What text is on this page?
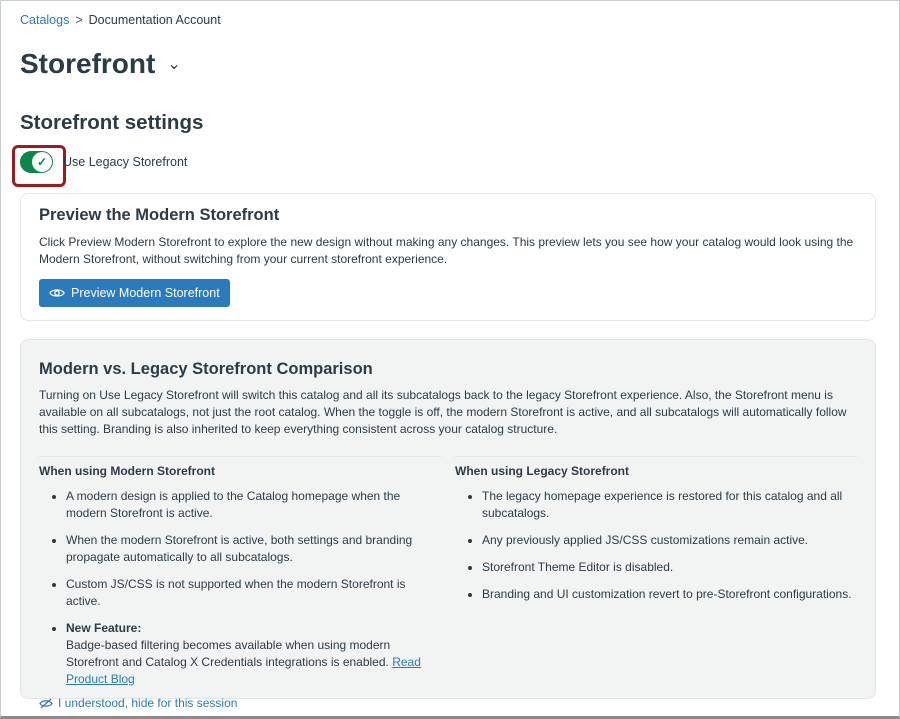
Catalogs > Documentation Account
Storefront ⌄
Storefront settings
✓	Use Legacy Storefront
Preview the Modern Storefront

Click Preview Modern Storefront to explore the new design without making any changes. This preview lets you see how your catalog would look using the Modern Storefront, without switching from your current storefront experience.

Preview Modern Storefront
Modern vs. Legacy Storefront Comparison

Turning on Use Legacy Storefront will switch this catalog and all its subcatalogs back to the legacy Storefront experience. Also, the Storefront menu is available on all subcatalogs, not just the root catalog. When the toggle is off, the modern Storefront is active, and all subcatalogs will automatically follow this setting. Branding is also inherited to keep everything consistent across your catalog structure.

When using Modern Storefront
• A modern design is applied to the Catalog homepage when the modern Storefront is active.
• When the modern Storefront is active, both settings and branding propagate automatically to all subcatalogs.
• Custom JS/CSS is not supported when the modern Storefront is active.
• New Feature:
Badge-based filtering becomes available when using modern Storefront and Catalog X Credentials integrations is enabled. Read Product Blog
I understood, hide for this session
When using Legacy Storefront
• The legacy homepage experience is restored for this catalog and all subcatalogs.
• Any previously applied JS/CSS customizations remain active.
• Storefront Theme Editor is disabled.
• Branding and UI customization revert to pre-Storefront configurations.
